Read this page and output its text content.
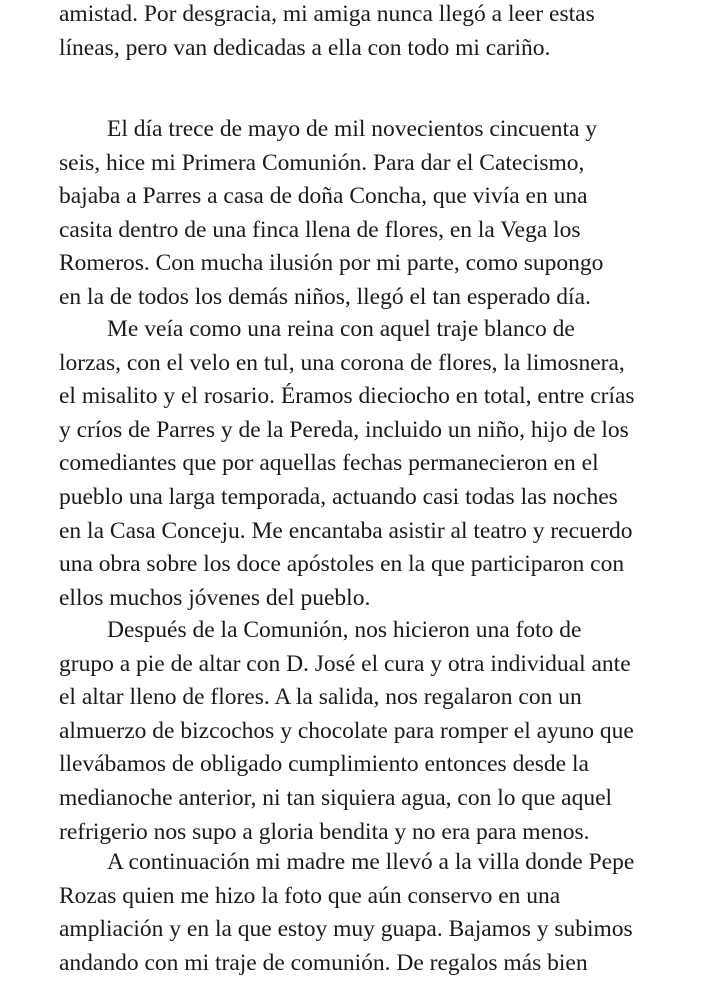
amistad. Por desgracia, mi amiga nunca llegó a leer estas
líneas, pero van dedicadas a ella con todo mi cariño.
El día trece de mayo de mil novecientos cincuenta y
seis, hice mi Primera Comunión. Para dar el Catecismo,
bajaba a Parres a casa de doña Concha, que vivía en una
casita dentro de una finca llena de flores, en la Vega los
Romeros. Con mucha ilusión por mi parte, como supongo
en la de todos los demás niños, llegó el tan esperado día.
Me veía como una reina con aquel traje blanco de
lorzas, con el velo en tul, una corona de flores, la limosnera,
el misalito y el rosario. Éramos dieciocho en total, entre crías
y críos de Parres y de la Pereda, incluido un niño, hijo de los
comediantes que por aquellas fechas permanecieron en el
pueblo una larga temporada, actuando casi todas las noches
en la Casa Conceju. Me encantaba asistir al teatro y recuerdo
una obra sobre los doce apóstoles en la que participaron con
ellos muchos jóvenes del pueblo.
Después de la Comunión, nos hicieron una foto de
grupo a pie de altar con D. José el cura y otra individual ante
el altar lleno de flores. A la salida, nos regalaron con un
almuerzo de bizcochos y chocolate para romper el ayuno que
llevábamos de obligado cumplimiento entonces desde la
medianoche anterior, ni tan siquiera agua, con lo que aquel
refrigerio nos supo a gloria bendita y no era para menos.
A continuación mi madre me llevó a la villa donde Pepe
Rozas quien me hizo la foto que aún conservo en una
ampliación y en la que estoy muy guapa. Bajamos y subimos
andando con mi traje de comunión. De regalos más bien
